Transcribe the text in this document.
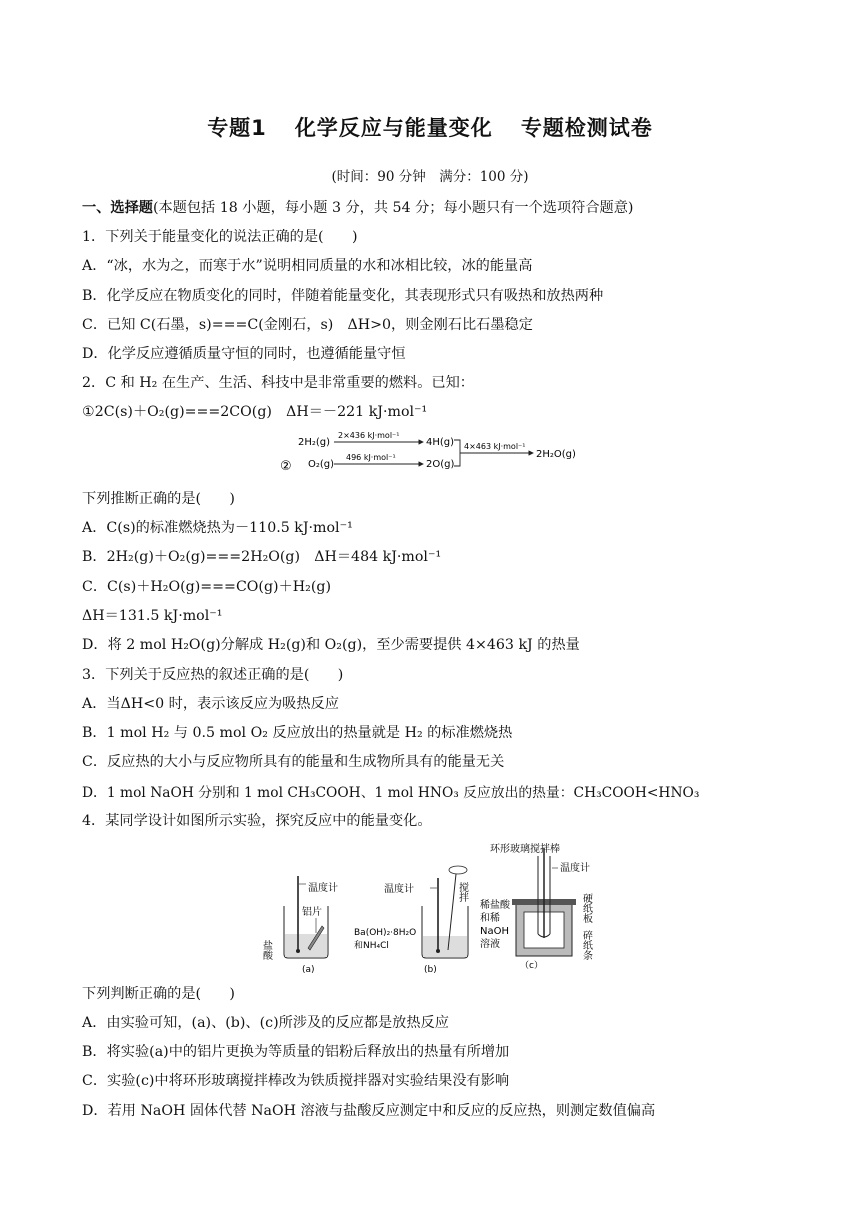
专题1 化学反应与能量变化 专题检测试卷
(时间：90 分钟　满分：100 分)
一、选择题(本题包括 18 小题，每小题 3 分，共 54 分；每小题只有一个选项符合题意)
1．下列关于能量变化的说法正确的是(　　)
A．“冰，水为之，而寒于水”说明相同质量的水和冰相比较，冰的能量高
B．化学反应在物质变化的同时，伴随着能量变化，其表现形式只有吸热和放热两种
C．已知 C(石墨，s)===C(金刚石，s)　ΔH>0，则金刚石比石墨稳定
D．化学反应遵循质量守恒的同时，也遵循能量守恒
2．C 和 H₂ 在生产、生活、科技中是非常重要的燃料。已知：
①2C(s)＋O₂(g)===2CO(g)　ΔH＝－221 kJ·mol⁻¹
②
2H₂(g)
2×436 kJ·mol⁻¹
4H(g)
O₂(g)
496 kJ·mol⁻¹
2O(g)
4×463 kJ·mol⁻¹
2H₂O(g)
下列推断正确的是(　　)
A．C(s)的标准燃烧热为－110.5 kJ·mol⁻¹
B．2H₂(g)＋O₂(g)===2H₂O(g)　ΔH＝484 kJ·mol⁻¹
C．C(s)＋H₂O(g)===CO(g)＋H₂(g)
ΔH＝131.5 kJ·mol⁻¹
D．将 2 mol H₂O(g)分解成 H₂(g)和 O₂(g)，至少需要提供 4×463 kJ 的热量
3．下列关于反应热的叙述正确的是(　　)
A．当ΔH<0 时，表示该反应为吸热反应
B．1 mol H₂ 与 0.5 mol O₂ 反应放出的热量就是 H₂ 的标准燃烧热
C．反应热的大小与反应物所具有的能量和生成物所具有的能量无关
D．1 mol NaOH 分别和 1 mol CH₃COOH、1 mol HNO₃ 反应放出的热量：CH₃COOH<HNO₃
4．某同学设计如图所示实验，探究反应中的能量变化。
温度计
铝片
盐酸
(a)
温度计	搅拌
Ba(OH)₂·8H₂O
和NH₄Cl
(b)
环形玻璃搅拌棒
温度计
硬纸板
稀盐酸
和稀
NaOH
溶液	碎纸条
（c）
下列判断正确的是(　　)
A．由实验可知，(a)、(b)、(c)所涉及的反应都是放热反应
B．将实验(a)中的铝片更换为等质量的铝粉后释放出的热量有所增加
C．实验(c)中将环形玻璃搅拌棒改为铁质搅拌器对实验结果没有影响
D．若用 NaOH 固体代替 NaOH 溶液与盐酸反应测定中和反应的反应热，则测定数值偏高
